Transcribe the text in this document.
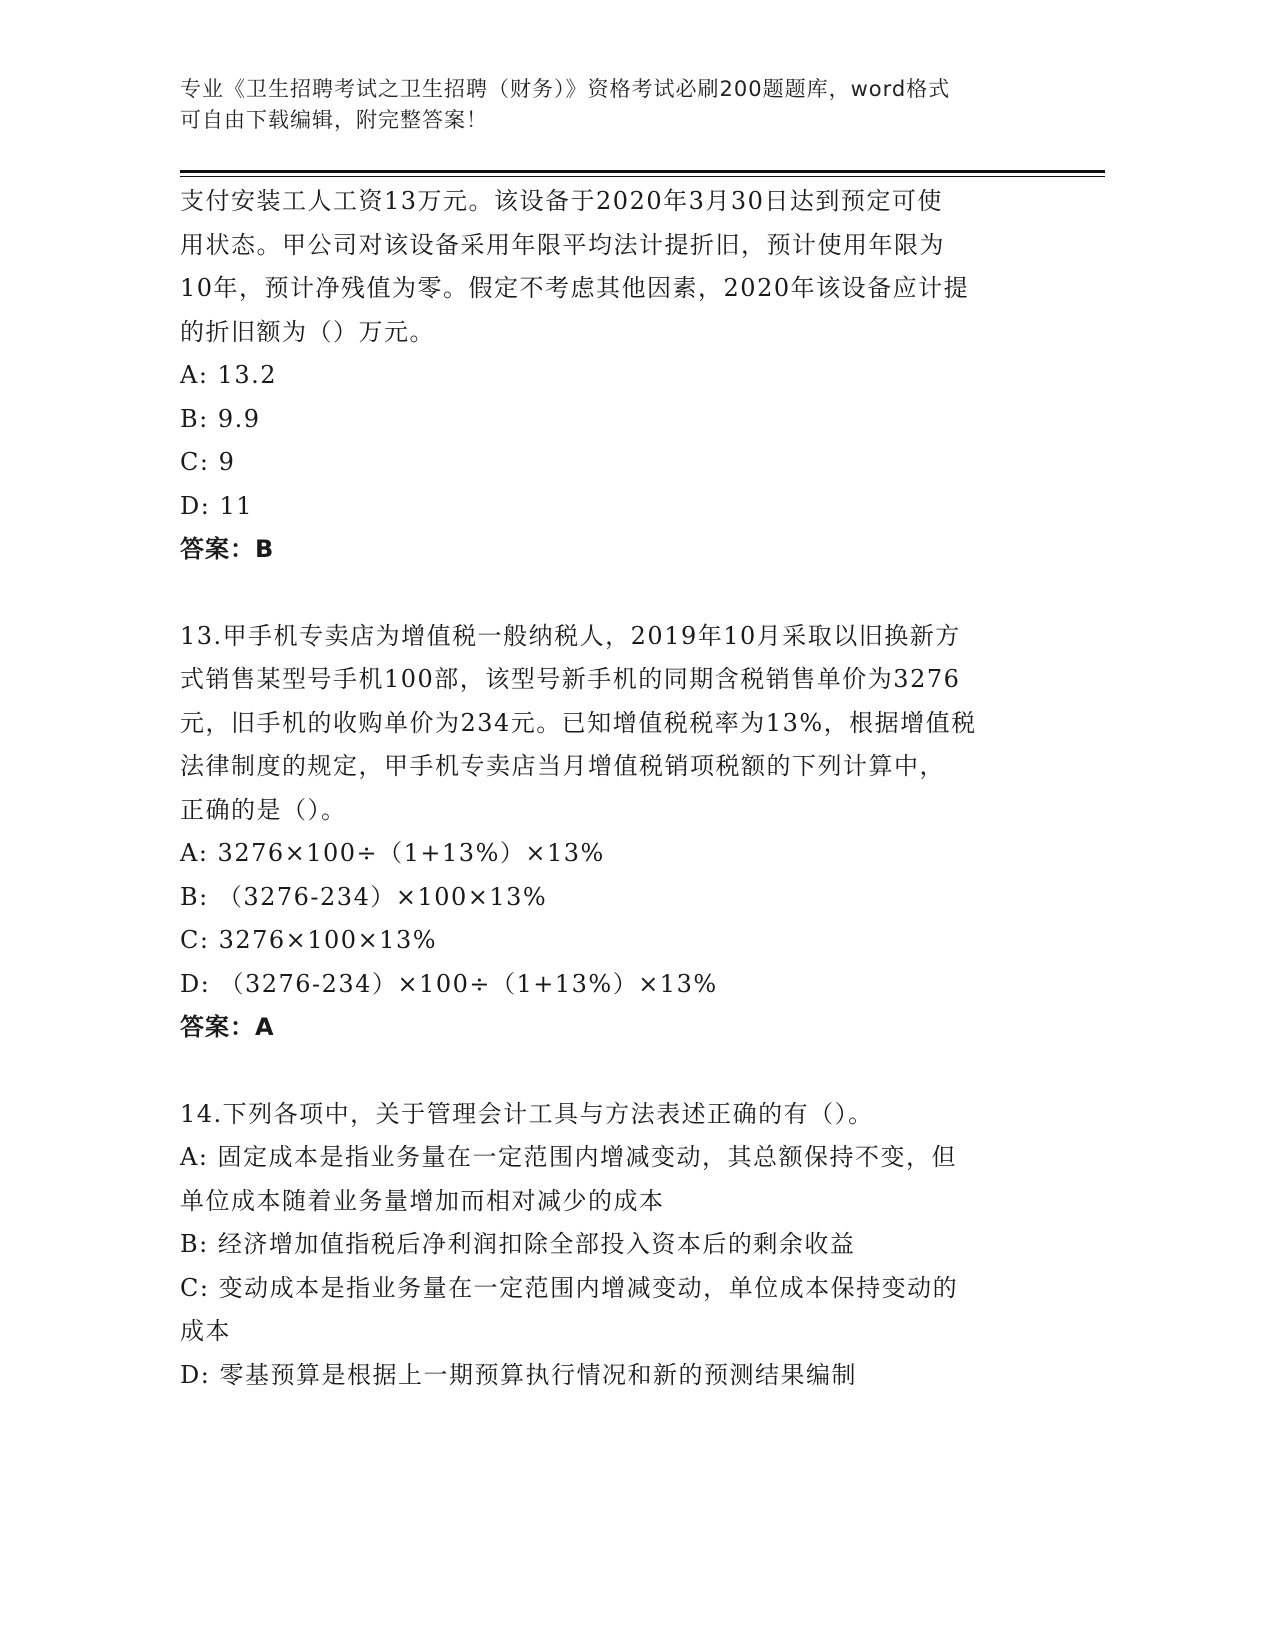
专业《卫生招聘考试之卫生招聘（财务）》资格考试必刷200题题库，word格式
可自由下载编辑，附完整答案！
支付安装工人工资13万元。该设备于2020年3月30日达到预定可使
用状态。甲公司对该设备采用年限平均法计提折旧，预计使用年限为
10年，预计净残值为零。假定不考虑其他因素，2020年该设备应计提
的折旧额为（）万元。
A: 13.2
B: 9.9
C: 9
D: 11
答案：B
13.甲手机专卖店为增值税一般纳税人，2019年10月采取以旧换新方
式销售某型号手机100部，该型号新手机的同期含税销售单价为3276
元，旧手机的收购单价为234元。已知增值税税率为13%，根据增值税
法律制度的规定，甲手机专卖店当月增值税销项税额的下列计算中，
正确的是（）。
A: 3276×100÷（1+13%）×13%
B: （3276-234）×100×13%
C: 3276×100×13%
D: （3276-234）×100÷（1+13%）×13%
答案：A
14.下列各项中，关于管理会计工具与方法表述正确的有（）。
A: 固定成本是指业务量在一定范围内增减变动，其总额保持不变，但
单位成本随着业务量增加而相对减少的成本
B: 经济增加值指税后净利润扣除全部投入资本后的剩余收益
C: 变动成本是指业务量在一定范围内增减变动，单位成本保持变动的
成本
D: 零基预算是根据上一期预算执行情况和新的预测结果编制
